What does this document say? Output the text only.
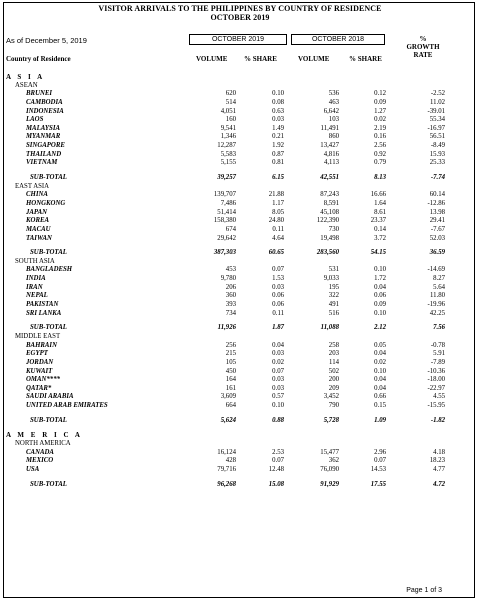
VISITOR ARRIVALS TO THE PHILIPPINES BY COUNTRY OF RESIDENCE
OCTOBER 2019
As of December 5, 2019	OCTOBER 2019	OCTOBER 2018	%
GROWTH
RATE
Country of Residence	VOLUME % SHARE	VOLUME	% SHARE
A S I A
ASEAN
BRUNEI	620	0.10	536	0.12	-2.52
CAMBODIA	514	0.08	463	0.09	11.02
INDONESIA	4,051	0.63	6,642	1.27	-39.01
LAOS	160	0.03	103	0.02	55.34
MALAYSIA	9,541	1.49	11,491	2.19	-16.97
MYANMAR	1,346	0.21	860	0.16	56.51
SINGAPORE	12,287	1.92	13,427	2.56	-8.49
THAILAND	5,583	0.87	4,816	0.92	15.93
VIETNAM	5,155	0.81	4,113	0.79	25.33
SUB-TOTAL	39,257	6.15	42,551	8.13	-7.74
EAST ASIA
CHINA	139,707	21.88	87,243	16.66	60.14
HONGKONG	7,486	1.17	8,591	1.64	-12.86
JAPAN	51,414	8.05	45,108	8.61	13.98
KOREA	158,380	24.80	122,390	23.37	29.41
MACAU	674	0.11	730	0.14	-7.67
TAIWAN	29,642	4.64	19,498	3.72	52.03
SUB-TOTAL	387,303	60.65	283,560	54.15	36.59
SOUTH ASIA
BANGLADESH	453	0.07	531	0.10	-14.69
INDIA	9,780	1.53	9,033	1.72	8.27
IRAN	206	0.03	195	0.04	5.64
NEPAL	360	0.06	322	0.06	11.80
PAKISTAN	393	0.06	491	0.09	-19.96
SRI LANKA	734	0.11	516	0.10	42.25
SUB-TOTAL	11,926	1.87	11,088	2.12	7.56
MIDDLE EAST
BAHRAIN	256	0.04	258	0.05	-0.78
EGYPT	215	0.03	203	0.04	5.91
JORDAN	105	0.02	114	0.02	-7.89
KUWAIT	450	0.07	502	0.10	-10.36
OMAN****	164	0.03	200	0.04	-18.00
QATAR*	161	0.03	209	0.04	-22.97
SAUDI ARABIA	3,609	0.57	3,452	0.66	4.55
UNITED ARAB EMIRATES	664	0.10	790	0.15	-15.95
SUB-TOTAL	5,624	0.88	5,728	1.09	-1.82
A M E R I C A
NORTH AMERICA
CANADA	16,124	2.53	15,477	2.96	4.18
MEXICO	428	0.07	362	0.07	18.23
USA	79,716	12.48	76,090	14.53	4.77
SUB-TOTAL	96,268	15.08	91,929	17.55	4.72
Page 1 of 3
